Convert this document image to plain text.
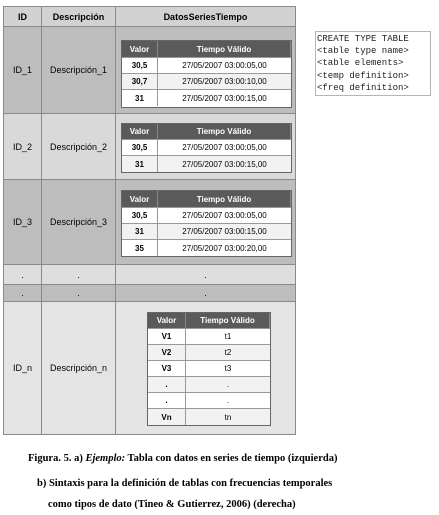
ID	Descripción	DatosSeriesTiempo
ID_1	Descripción_1
Valor	Tiempo Válido
30,5	27/05/2007 03:00:05,00
30,7	27/05/2007 03:00:10,00
31	27/05/2007 03:00:15,00
ID_2	Descripción_2
Valor	Tiempo Válido
30,5	27/05/2007 03:00:05,00
31	27/05/2007 03:00:15,00
ID_3	Descripción_3
Valor	Tiempo Válido
30,5	27/05/2007 03:00:05,00
31	27/05/2007 03:00:15,00
35	27/05/2007 03:00:20,00
.	.	.
.	.	.
ID_n	Descripción_n
Valor	Tiempo Válido
V1	t1
V2	t2
V3	t3
.	.
.	.
Vn	tn
CREATE TYPE TABLE
<table type name>
<table elements>
<temp definition>
<freq definition>
Figura. 5. a) Ejemplo: Tabla con datos en series de tiempo (izquierda)
b) Sintaxis para la definición de tablas con frecuencias temporales
como tipos de dato (Tineo & Gutierrez, 2006) (derecha)
